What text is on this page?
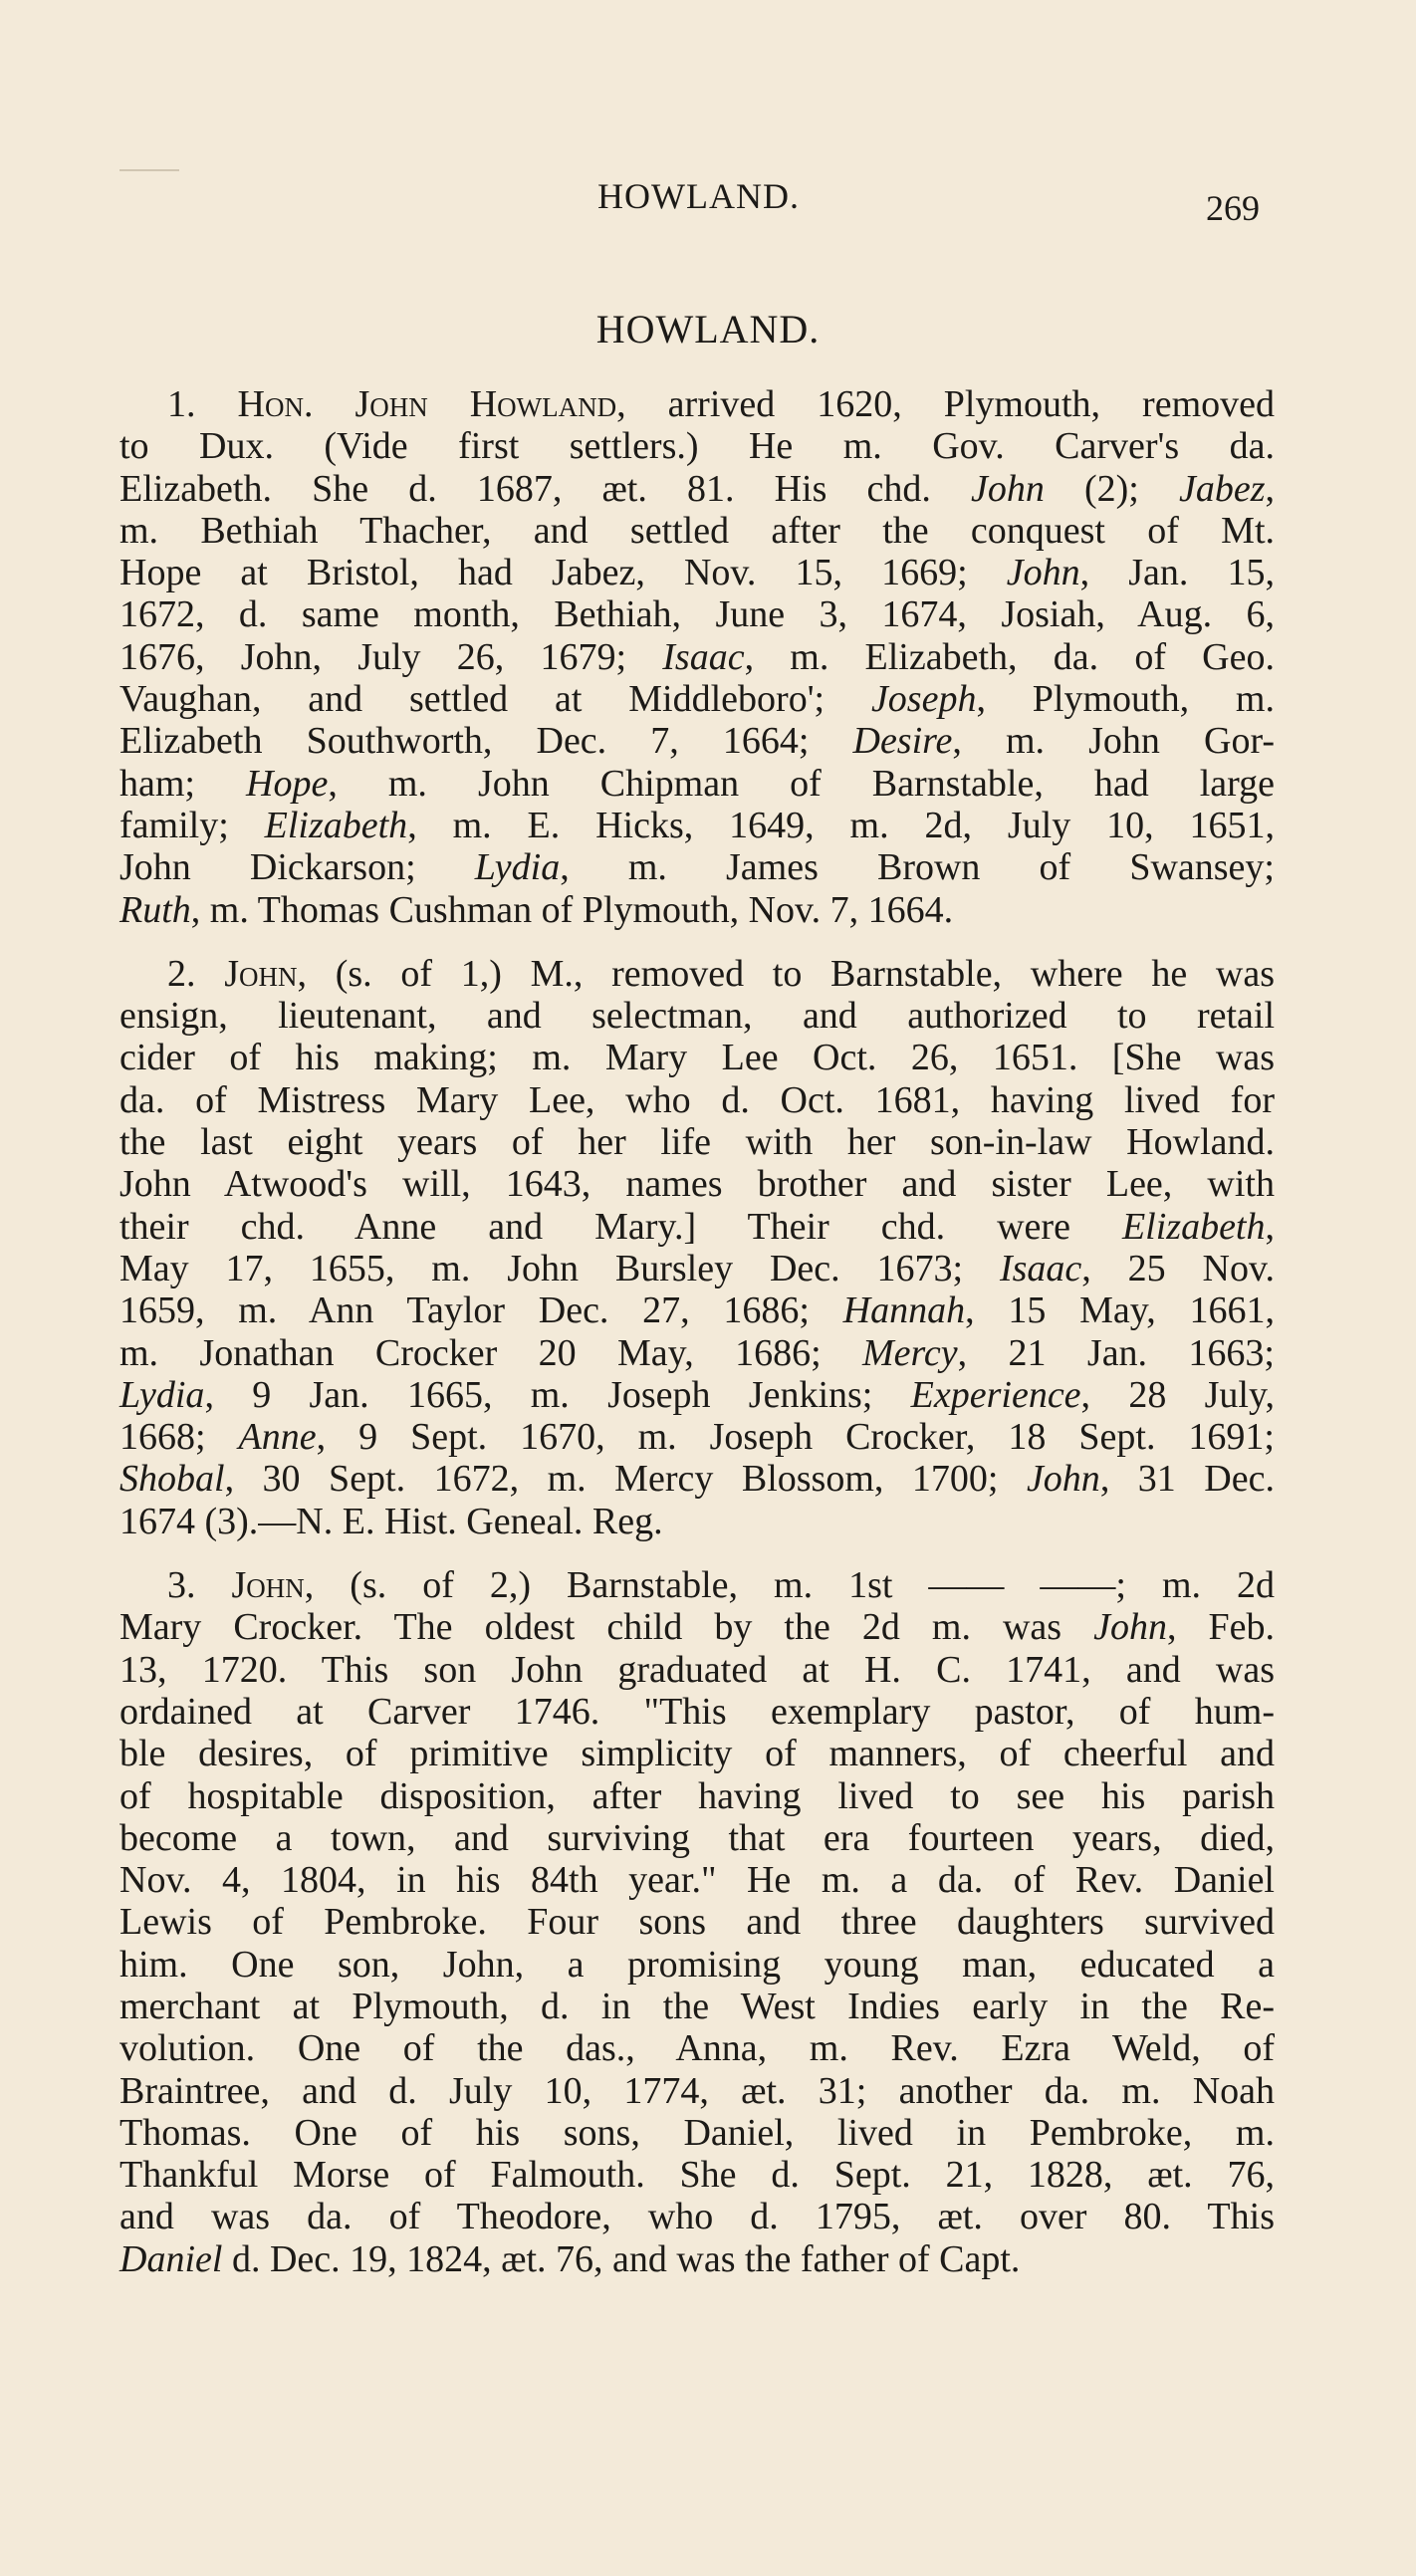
HOWLAND.	269
HOWLAND.
1. Hon. John Howland, arrived 1620, Plymouth, removed
to Dux. (Vide first settlers.) He m. Gov. Carver's da.
Elizabeth. She d. 1687, æt. 81. His chd. John (2); Jabez,
m. Bethiah Thacher, and settled after the conquest of Mt.
Hope at Bristol, had Jabez, Nov. 15, 1669; John, Jan. 15,
1672, d. same month, Bethiah, June 3, 1674, Josiah, Aug. 6,
1676, John, July 26, 1679; Isaac, m. Elizabeth, da. of Geo.
Vaughan, and settled at Middleboro'; Joseph, Plymouth, m.
Elizabeth Southworth, Dec. 7, 1664; Desire, m. John Gor-
ham; Hope, m. John Chipman of Barnstable, had large
family; Elizabeth, m. E. Hicks, 1649, m. 2d, July 10, 1651,
John Dickarson; Lydia, m. James Brown of Swansey;
Ruth, m. Thomas Cushman of Plymouth, Nov. 7, 1664.
2. John, (s. of 1,) M., removed to Barnstable, where he was
ensign, lieutenant, and selectman, and authorized to retail
cider of his making; m. Mary Lee Oct. 26, 1651. [She was
da. of Mistress Mary Lee, who d. Oct. 1681, having lived for
the last eight years of her life with her son-in-law Howland.
John Atwood's will, 1643, names brother and sister Lee, with
their chd. Anne and Mary.] Their chd. were Elizabeth,
May 17, 1655, m. John Bursley Dec. 1673; Isaac, 25 Nov.
1659, m. Ann Taylor Dec. 27, 1686; Hannah, 15 May, 1661,
m. Jonathan Crocker 20 May, 1686; Mercy, 21 Jan. 1663;
Lydia, 9 Jan. 1665, m. Joseph Jenkins; Experience, 28 July,
1668; Anne, 9 Sept. 1670, m. Joseph Crocker, 18 Sept. 1691;
Shobal, 30 Sept. 1672, m. Mercy Blossom, 1700; John, 31 Dec.
1674 (3).—N. E. Hist. Geneal. Reg.
3. John, (s. of 2,) Barnstable, m. 1st —— ——; m. 2d
Mary Crocker. The oldest child by the 2d m. was John, Feb.
13, 1720. This son John graduated at H. C. 1741, and was
ordained at Carver 1746. "This exemplary pastor, of hum-
ble desires, of primitive simplicity of manners, of cheerful and
of hospitable disposition, after having lived to see his parish
become a town, and surviving that era fourteen years, died,
Nov. 4, 1804, in his 84th year." He m. a da. of Rev. Daniel
Lewis of Pembroke. Four sons and three daughters survived
him. One son, John, a promising young man, educated a
merchant at Plymouth, d. in the West Indies early in the Re-
volution. One of the das., Anna, m. Rev. Ezra Weld, of
Braintree, and d. July 10, 1774, æt. 31; another da. m. Noah
Thomas. One of his sons, Daniel, lived in Pembroke, m.
Thankful Morse of Falmouth. She d. Sept. 21, 1828, æt. 76,
and was da. of Theodore, who d. 1795, æt. over 80. This
Daniel d. Dec. 19, 1824, æt. 76, and was the father of Capt.
